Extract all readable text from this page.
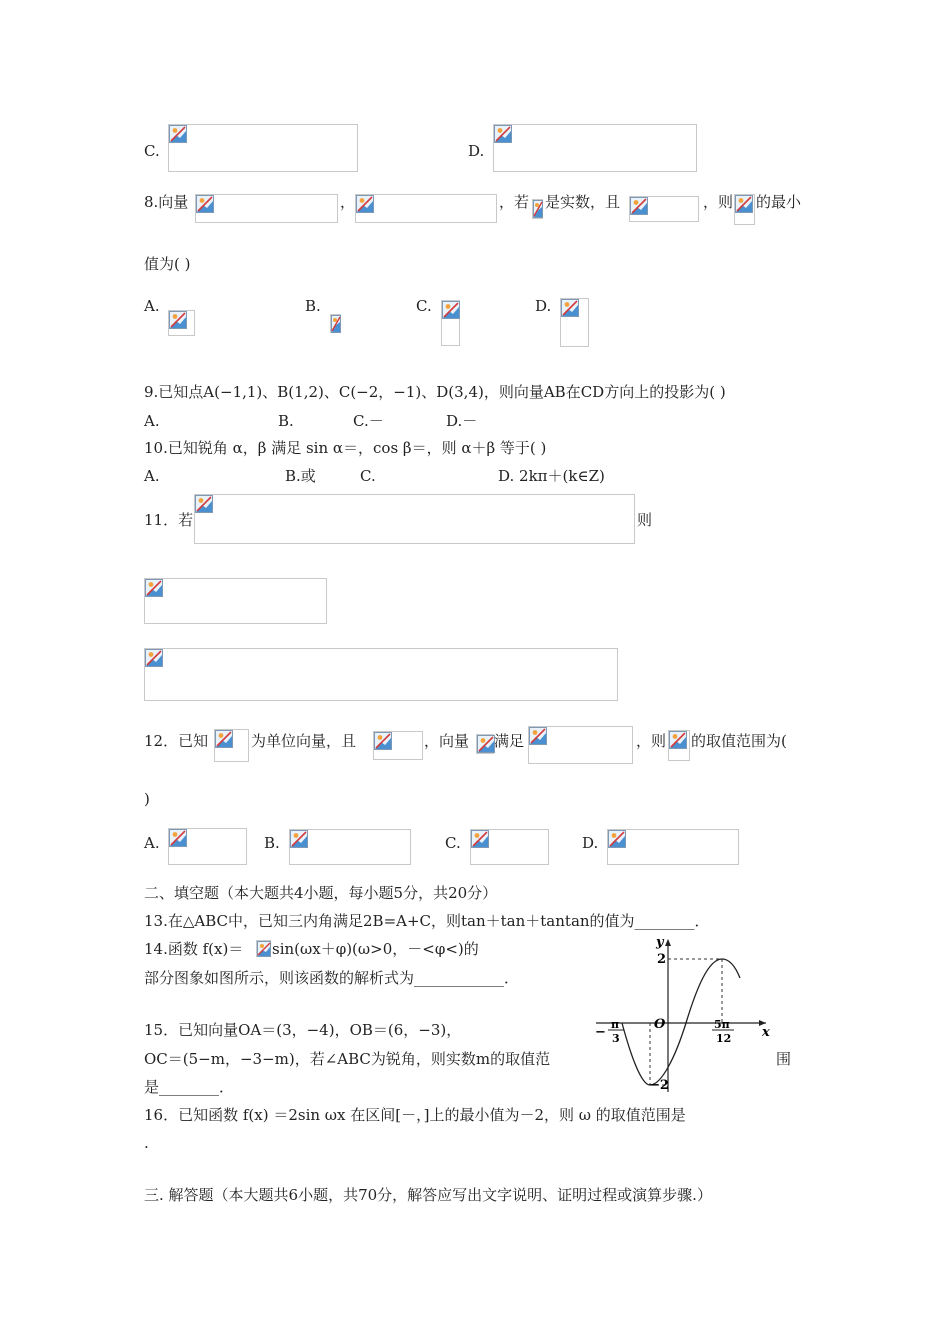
C.	D.
8.向量	，	，若 是实数，且	，则 的最小
值为( )
A.	B.	C.	D.
9.已知点A(−1,1)、B(1,2)、C(−2，−1)、D(3,4)，则向量AB在CD方向上的投影为( )
A.	B.	C.－	D.－
10.已知锐角 α，β 满足 sin α＝，cos β＝，则 α＋β 等于( )
A.	B.或	C.	D. 2kπ＋(k∈Z)
11．若	则
12．已知	为单位向量，且	，向量 满足	，则 的取值范围为(
)
A.	B.	C.	D.
二、填空题（本大题共4小题，每小题5分，共20分）
13.在△ABC中，已知三内角满足2B=A+C，则tan＋tan＋tantan的值为________．
14.函数 f(x)＝ sin(ωx＋φ)(ω>0，－<φ<)的
部分图象如图所示，则该函数的解析式为____________．
15．已知向量OA＝(3，−4)，OB＝(6，−3)，
OC＝(5−m，−3−m)，若∠ABC为锐角，则实数m的取值范	围
是________．
y
x
2
−2
O
−
π
3
5π
12
16．已知函数 f(x) ＝2sin ωx 在区间[－，]上的最小值为－2，则 ω 的取值范围是
.
三. 解答题（本大题共6小题，共70分，解答应写出文字说明、证明过程或演算步骤.）
